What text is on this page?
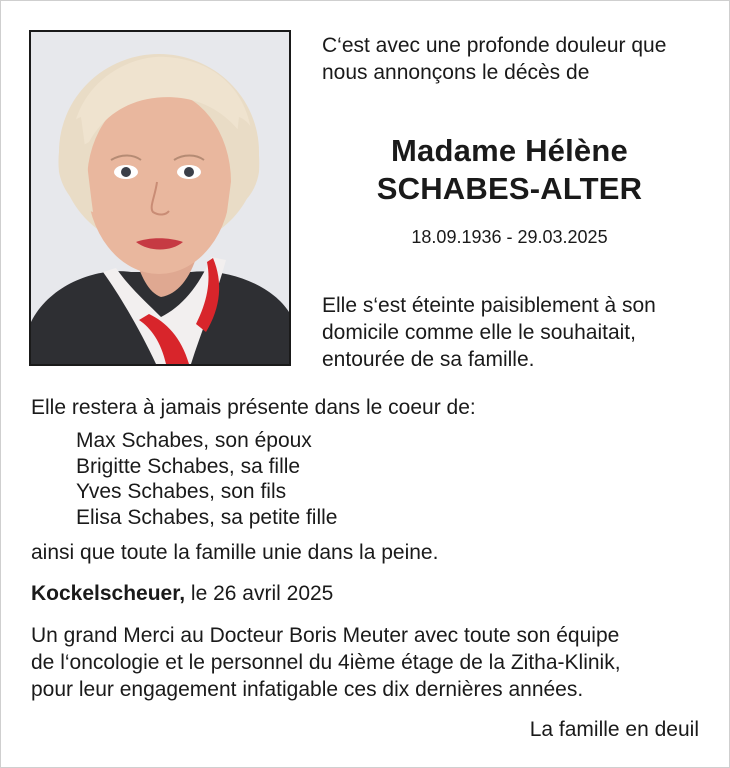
C‘est avec une profonde douleur que
nous annonçons le décès de
Madame Hélène
SCHABES-ALTER
18.09.1936 - 29.03.2025
Elle s‘est éteinte paisiblement à son
domicile comme elle le souhaitait,
entourée de sa famille.
Elle restera à jamais présente dans le coeur de:
Max Schabes, son époux
Brigitte Schabes, sa fille
Yves Schabes, son fils
Elisa Schabes, sa petite fille
ainsi que toute la famille unie dans la peine.
Kockelscheuer, le 26 avril 2025
Un grand Merci au Docteur Boris Meuter avec toute son équipe
de l‘oncologie et le personnel du 4ième étage de la Zitha-Klinik,
pour leur engagement infatigable ces dix dernières années.
La famille en deuil
